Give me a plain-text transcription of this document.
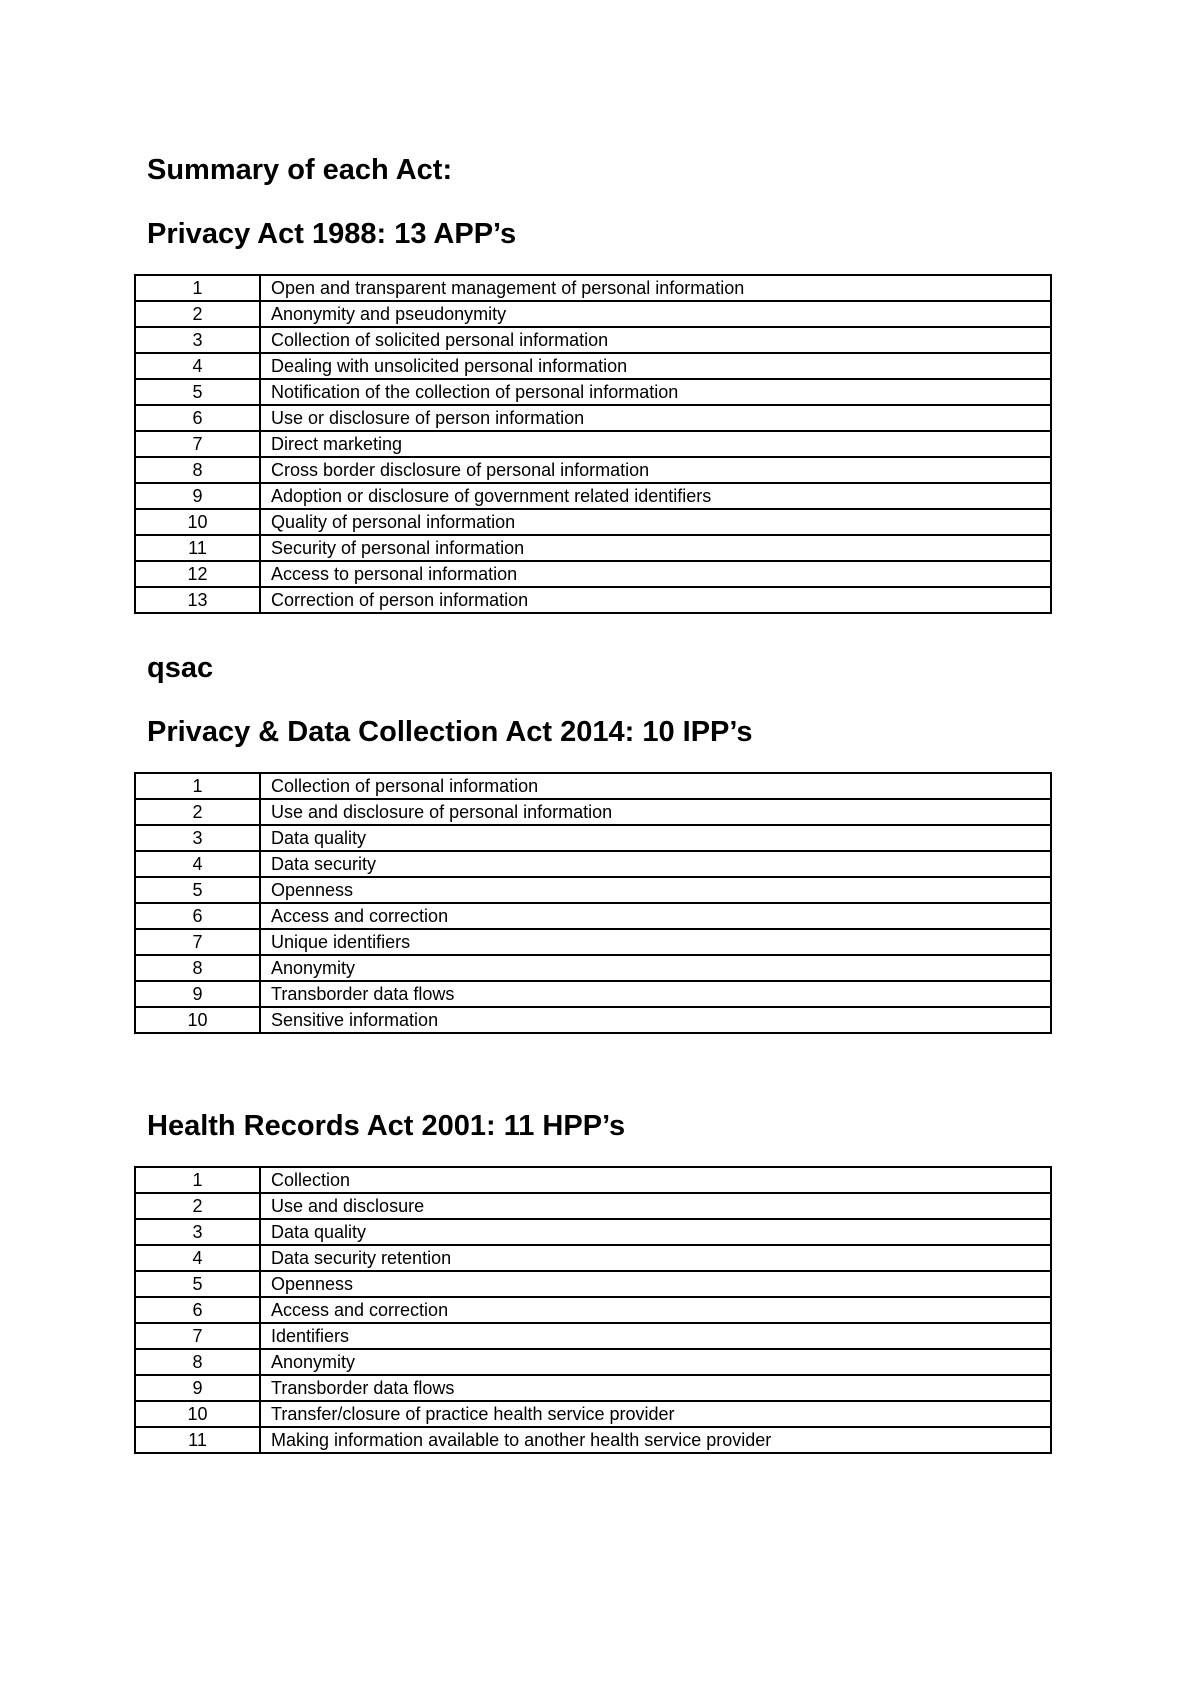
Summary of each Act:
Privacy Act 1988: 13 APP’s
1	Open and transparent management of personal information
2	Anonymity and pseudonymity
3	Collection of solicited personal information
4	Dealing with unsolicited personal information
5	Notification of the collection of personal information
6	Use or disclosure of person information
7	Direct marketing
8	Cross border disclosure of personal information
9	Adoption or disclosure of government related identifiers
10	Quality of personal information
11	Security of personal information
12	Access to personal information
13	Correction of person information
qsac
Privacy & Data Collection Act 2014: 10 IPP’s
1	Collection of personal information
2	Use and disclosure of personal information
3	Data quality
4	Data security
5	Openness
6	Access and correction
7	Unique identifiers
8	Anonymity
9	Transborder data flows
10	Sensitive information
Health Records Act 2001: 11 HPP’s
1	Collection
2	Use and disclosure
3	Data quality
4	Data security retention
5	Openness
6	Access and correction
7	Identifiers
8	Anonymity
9	Transborder data flows
10	Transfer/closure of practice health service provider
11	Making information available to another health service provider
